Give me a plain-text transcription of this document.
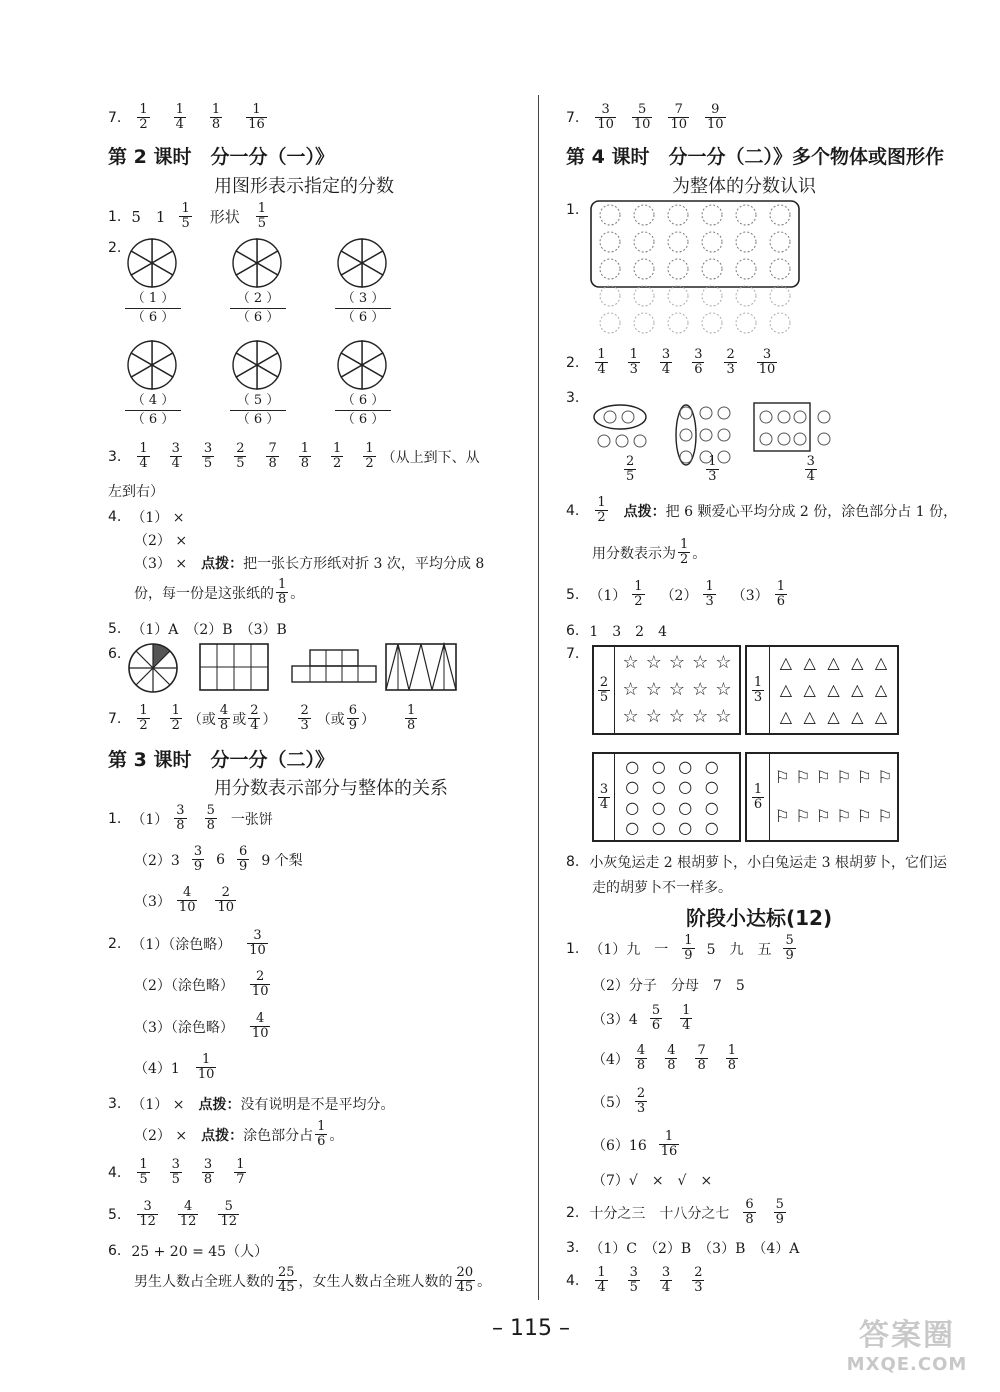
7. $\frac{1}{2} \frac{1}{4} \frac{1}{8} \frac{1}{16}$
第 2 课时　分一分（一）》
用图形表示指定的分数
1. 5　$1 \frac{1}{5}$ 形状 $\frac{1}{5}$
2.
（ 1 ）
（ 6 ）
（ 2 ）
（ 6 ）
（ 3 ）
（ 6 ）
（ 4 ）
（ 6 ）
（ 5 ）
（ 6 ）
（ 6 ）
（ 6 ）
3. $\frac{1}{4} \frac{3}{4} \frac{3}{5} \frac{2}{5} \frac{7}{8} \frac{1}{8} \frac{1}{2} \frac{1}{2}$ （从上到下、从
左到右）
4. （1） ×
（2） ×
（3） × 点拨： 把一张长方形纸对折 3 次，平均分成 8
份，每一份是这张纸的 $\frac{1}{8}$ 。
5. （1）A　（2）B　（3）B
6.
7. $\frac{1}{2} \frac{1}{2}$ （或 $\frac{4}{8}$ 或 $\frac{2}{4}$ ） $\frac{2}{3}$ （或 $\frac{6}{9}$ ） $\frac{1}{8}$
第 3 课时　分一分（二）》
用分数表示部分与整体的关系
1. $(1) \frac{3}{8} \frac{5}{8}$ 一张饼
$(2)3 \frac{3}{9} 6 \frac{6}{9} 9$ 个梨
$(3) \frac{4}{10} \frac{2}{10}$
2. （1）（涂色略） $\frac{3}{10}$
（2）（涂色略） $\frac{2}{10}$
（3）（涂色略） $\frac{4}{10}$
$(4)1 \frac{1}{10}$
3. （1） × 点拨： 没有说明是不是平均分。
（2） × 点拨： 涂色部分占 $\frac{1}{6}$ 。
4. $\frac{1}{5} \frac{3}{5} \frac{3}{8} \frac{1}{7}$
5. $\frac{3}{12} \frac{4}{12} \frac{5}{12}$
6. 25 + 20 = 45（人）
男生人数占全班人数的 $\frac{25}{45}$ ，女生人数占全班人数的 $\frac{20}{45}$ 。
7. $\frac{3}{10} \frac{5}{10} \frac{7}{10} \frac{9}{10}$
第 4 课时　分一分（二）》多个物体或图形作
为整体的分数认识
1.
2. $\frac{1}{4} \frac{1}{3} \frac{3}{4} \frac{3}{6} \frac{2}{3} \frac{3}{10}$
3.
$\frac{2}{5}$	$\frac{1}{3}$	$\frac{3}{4}$
4. $\frac{1}{2}$ 点拨： 把 6 颗爱心平均分成 2 份，涂色部分占 1 份，
用分数表示为 $\frac{1}{2}$ 。
5. $(1) \frac{1}{2} (2) \frac{1}{3} (3) \frac{1}{6}$
6. 1　3　2　4
7.
$\frac{2}{5}$
☆ ☆ ☆ ☆ ☆
☆ ☆ ☆ ☆ ☆
☆ ☆ ☆ ☆ ☆
$\frac{1}{3}$
△ △ △ △ △
△ △ △ △ △
△ △ △ △ △
$\frac{3}{4}$
○ ○ ○ ○
○ ○ ○ ○
○ ○ ○ ○
○ ○ ○ ○
$\frac{1}{6}$
⚐ ⚐ ⚐ ⚐ ⚐ ⚐
⚐ ⚐ ⚐ ⚐ ⚐ ⚐
8. 小灰兔运走 2 根胡萝卜，小白兔运走 3 根胡萝卜，它们运
走的胡萝卜不一样多。
阶段小达标(12)
1. （1）九　一 $\frac{1}{9} 5$　九　五 $\frac{5}{9}$
（2）分子　分母　7　5
$(3)4 \frac{5}{6} \frac{1}{4}$
$(4) \frac{4}{8} \frac{4}{8} \frac{7}{8} \frac{1}{8}$
$(5) \frac{2}{3}$
$(6)16 \frac{1}{16}$
（7）√　×　√　×
2. 十分之三　十八分之七 $\frac{6}{8} \frac{5}{9}$
3. （1）C　（2）B　（3）B　（4）A
4. $\frac{1}{4} \frac{3}{5} \frac{3}{4} \frac{2}{3}$
– 115 –	答案圈
MXQE.COM
